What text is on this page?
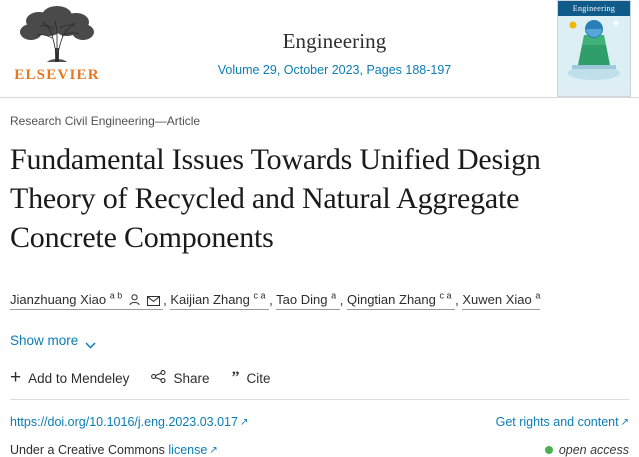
ELSEVIER
Engineering
Volume 29, October 2023, Pages 188-197
Engineering
Research Civil Engineering—Article
Fundamental Issues Towards Unified Design Theory of Recycled and Natural Aggregate Concrete Components
Jianzhuang Xiao $^{a b}$	, Kaijian Zhang $^{c a}$ , Tao Ding $^a$ , Qingtian Zhang $^{c a}$ , Xuwen Xiao $^a$
Show more
+ Add to Mendeley	Share ” Cite
https://doi.org/10.1016/j.eng.2023.03.017 ↗	Get rights and content ↗
Under a Creative Commons license ↗	open access
